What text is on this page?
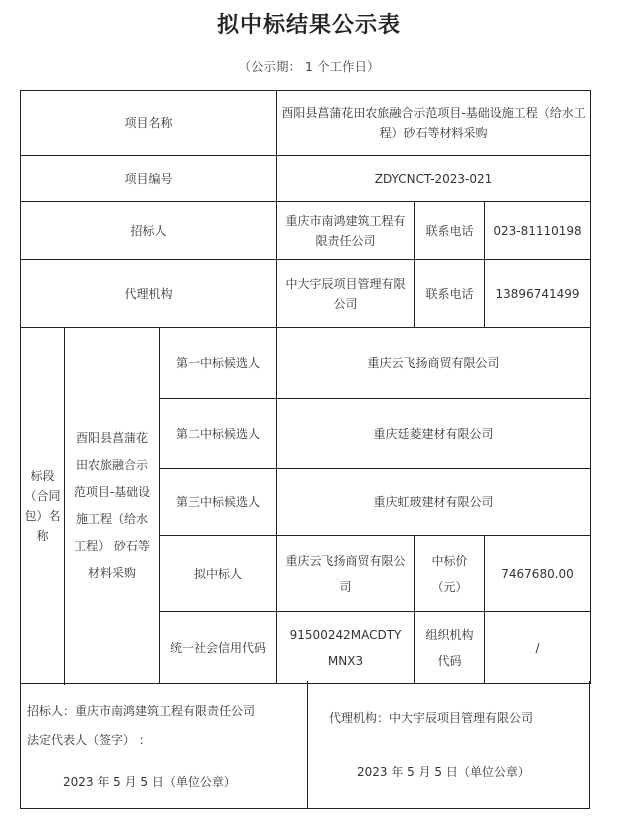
拟中标结果公示表
（公示期： 1 个工作日）
项目名称			酉阳县菖蒲花田农旅融合示范项目-基础设施工程（给水工程）砂石等材料采购		
项目编号			ZDYCNCT-2023-021		
招标人			重庆市南鸿建筑工程有限责任公司	联系电话	023-81110198
代理机构			中大宇辰项目管理有限公司	联系电话	13896741499
标段（合同包）名称	酉阳县菖蒲花田农旅融合示范项目-基础设施工程（给水工程） 砂石等材料采购	第一中标候选人	重庆云飞扬商贸有限公司		
		第二中标候选人	重庆廷菱建材有限公司		
		第三中标候选人	重庆虹玻建材有限公司		
		拟中标人	重庆云飞扬商贸有限公司	中标价（元）	7467680.00
		统一社会信用代码	91500242MACDTYMNX3	组织机构代码	/

招标人：重庆市南鸿建筑工程有限责任公司
法定代表人（签字） ：
2023 年 5 月 5 日（单位公章）
代理机构：中大宇辰项目管理有限公司
2023 年 5 月 5 日（单位公章）
